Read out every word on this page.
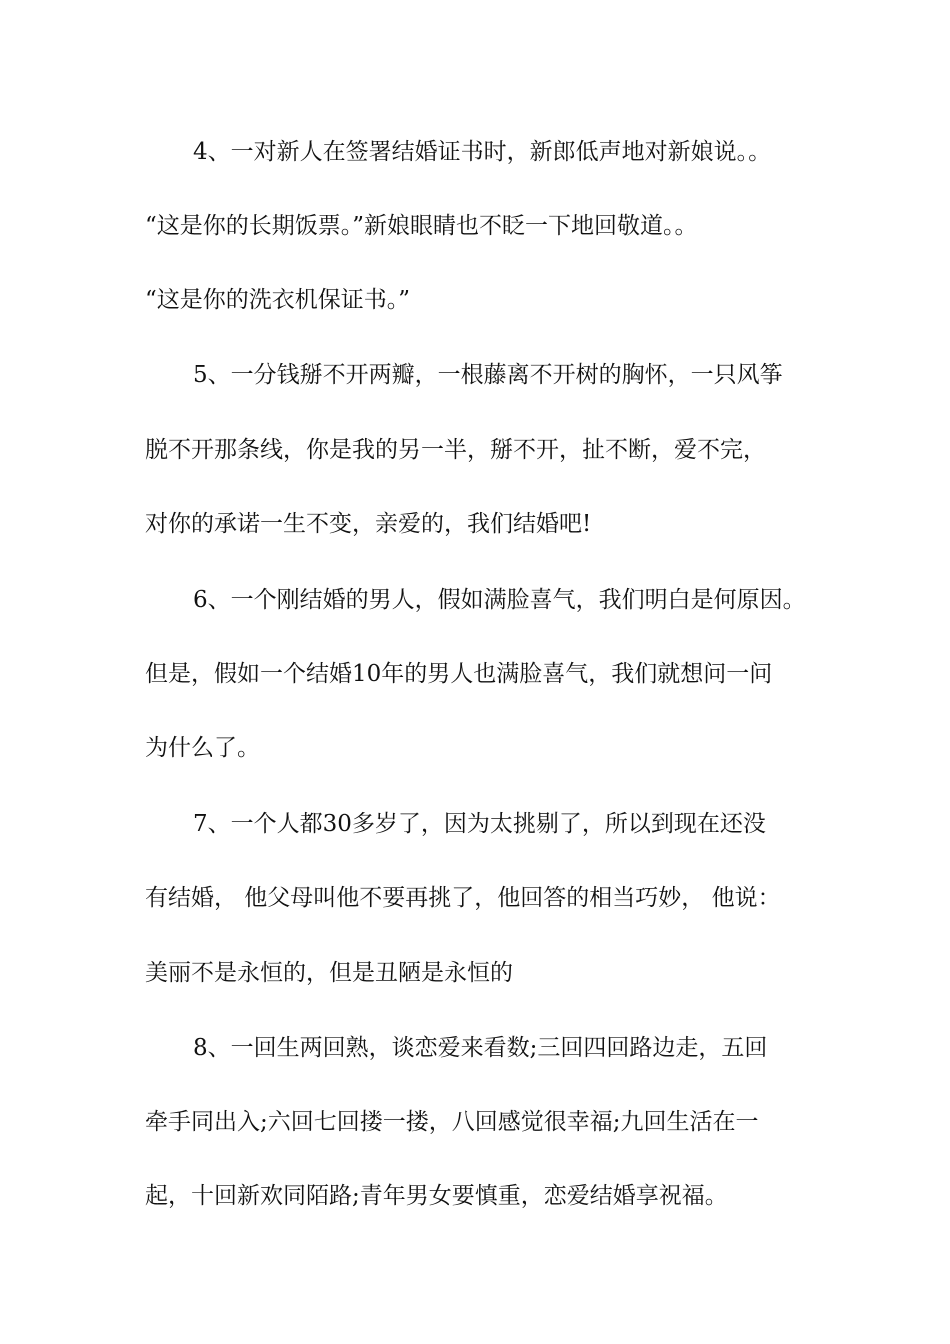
4、一对新人在签署结婚证书时，新郎低声地对新娘说。。
“这是你的长期饭票。”新娘眼睛也不眨一下地回敬道。。
“这是你的洗衣机保证书。”
5、一分钱掰不开两瓣，一根藤离不开树的胸怀，一只风筝
脱不开那条线，你是我的另一半，掰不开，扯不断，爱不完，
对你的承诺一生不变，亲爱的，我们结婚吧!
6、一个刚结婚的男人，假如满脸喜气，我们明白是何原因。
但是，假如一个结婚10年的男人也满脸喜气，我们就想问一问
为什么了。
7、一个人都30多岁了，因为太挑剔了，所以到现在还没
有结婚， 他父母叫他不要再挑了，他回答的相当巧妙， 他说：
美丽不是永恒的，但是丑陋是永恒的
8、一回生两回熟，谈恋爱来看数;三回四回路边走，五回
牵手同出入;六回七回搂一搂，八回感觉很幸福;九回生活在一
起，十回新欢同陌路;青年男女要慎重，恋爱结婚享祝福。
